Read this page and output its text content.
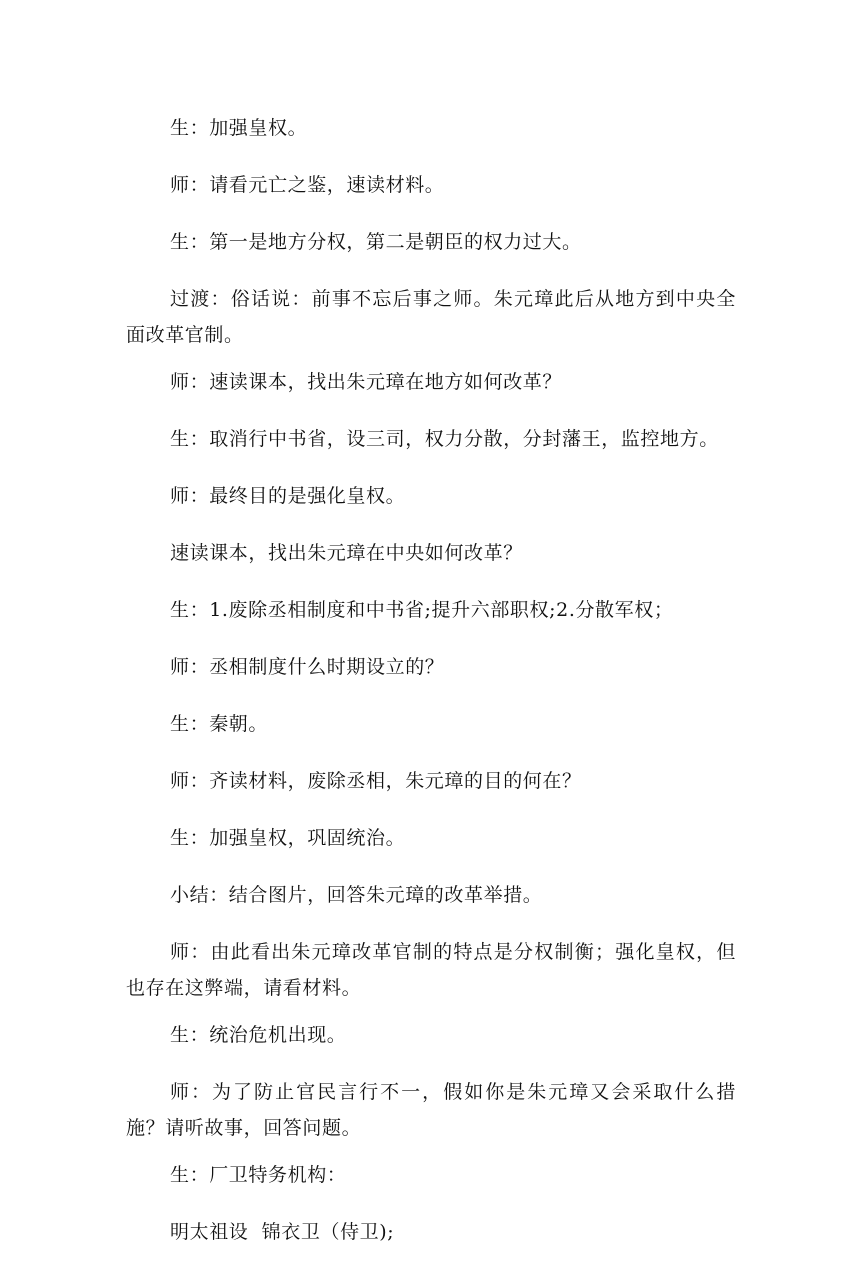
生：加强皇权。

师：请看元亡之鉴，速读材料。

生：第一是地方分权，第二是朝臣的权力过大。

过渡：俗话说：前事不忘后事之师。朱元璋此后从地方到中央全面改革官制。

师：速读课本，找出朱元璋在地方如何改革？

生：取消行中书省，设三司，权力分散，分封藩王，监控地方。

师：最终目的是强化皇权。

速读课本，找出朱元璋在中央如何改革？

生：1.废除丞相制度和中书省;提升六部职权;2.分散军权；

师：丞相制度什么时期设立的？

生：秦朝。

师：齐读材料，废除丞相，朱元璋的目的何在？

生：加强皇权，巩固统治。

小结：结合图片，回答朱元璋的改革举措。

师：由此看出朱元璋改革官制的特点是分权制衡；强化皇权，但也存在这弊端，请看材料。

生：统治危机出现。

师：为了防止官民言行不一，假如你是朱元璋又会采取什么措施？请听故事，回答问题。

生：厂卫特务机构：

明太祖设  锦衣卫（侍卫);
